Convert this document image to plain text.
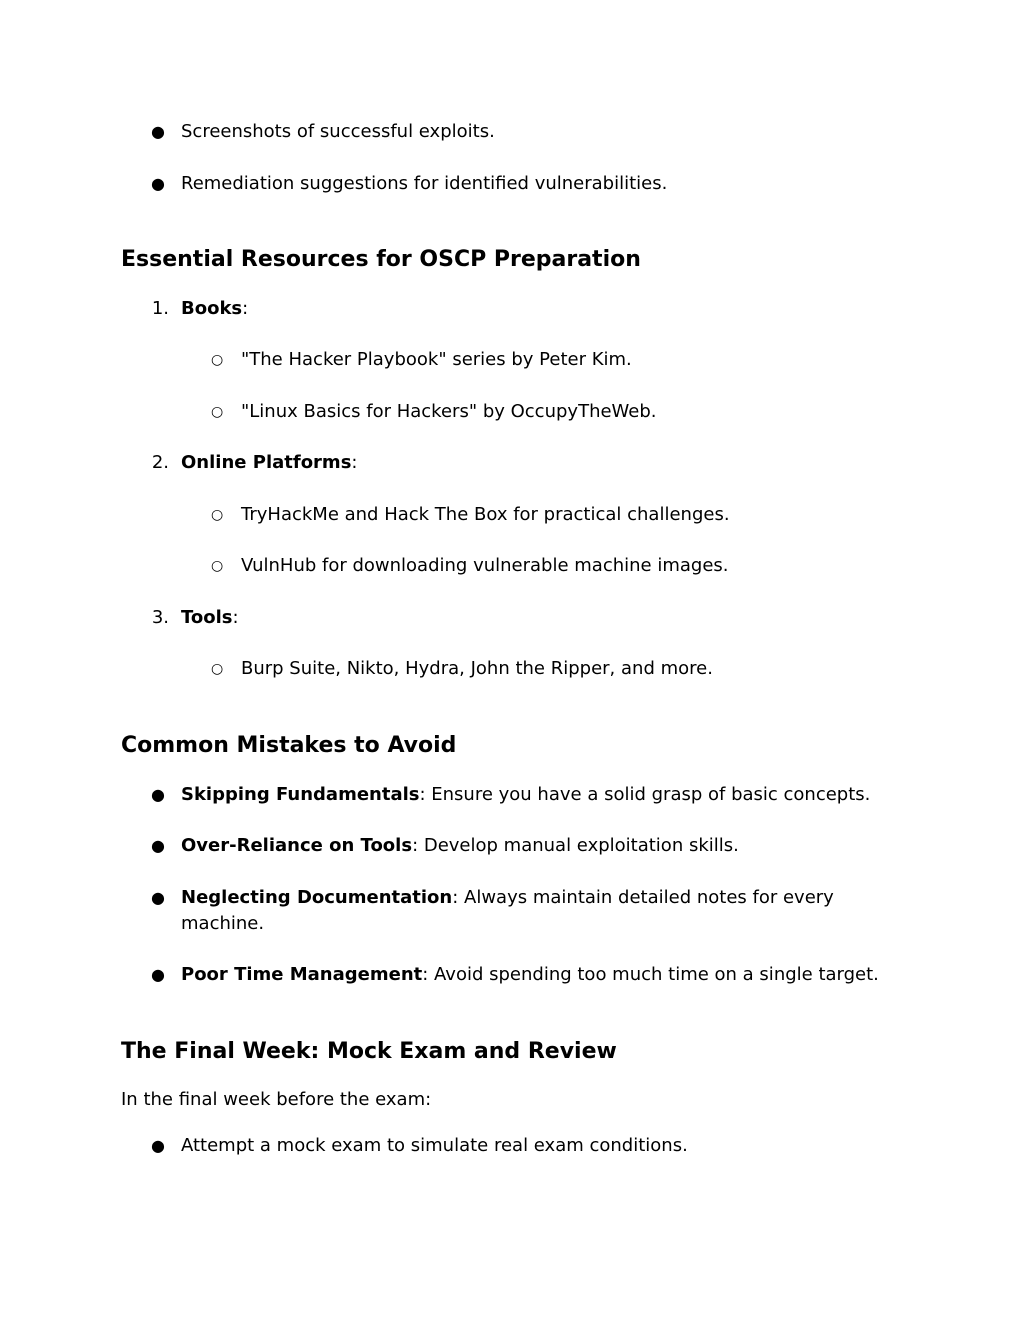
● Screenshots of successful exploits.
● Remediation suggestions for identified vulnerabilities.
Essential Resources for OSCP Preparation
1. Books:
○ "The Hacker Playbook" series by Peter Kim.
○ "Linux Basics for Hackers" by OccupyTheWeb.
2. Online Platforms:
○ TryHackMe and Hack The Box for practical challenges.
○ VulnHub for downloading vulnerable machine images.
3. Tools:
○ Burp Suite, Nikto, Hydra, John the Ripper, and more.
Common Mistakes to Avoid
● Skipping Fundamentals: Ensure you have a solid grasp of basic concepts.
● Over-Reliance on Tools: Develop manual exploitation skills.
● Neglecting Documentation: Always maintain detailed notes for every machine.
● Poor Time Management: Avoid spending too much time on a single target.
The Final Week: Mock Exam and Review
In the final week before the exam:
● Attempt a mock exam to simulate real exam conditions.
